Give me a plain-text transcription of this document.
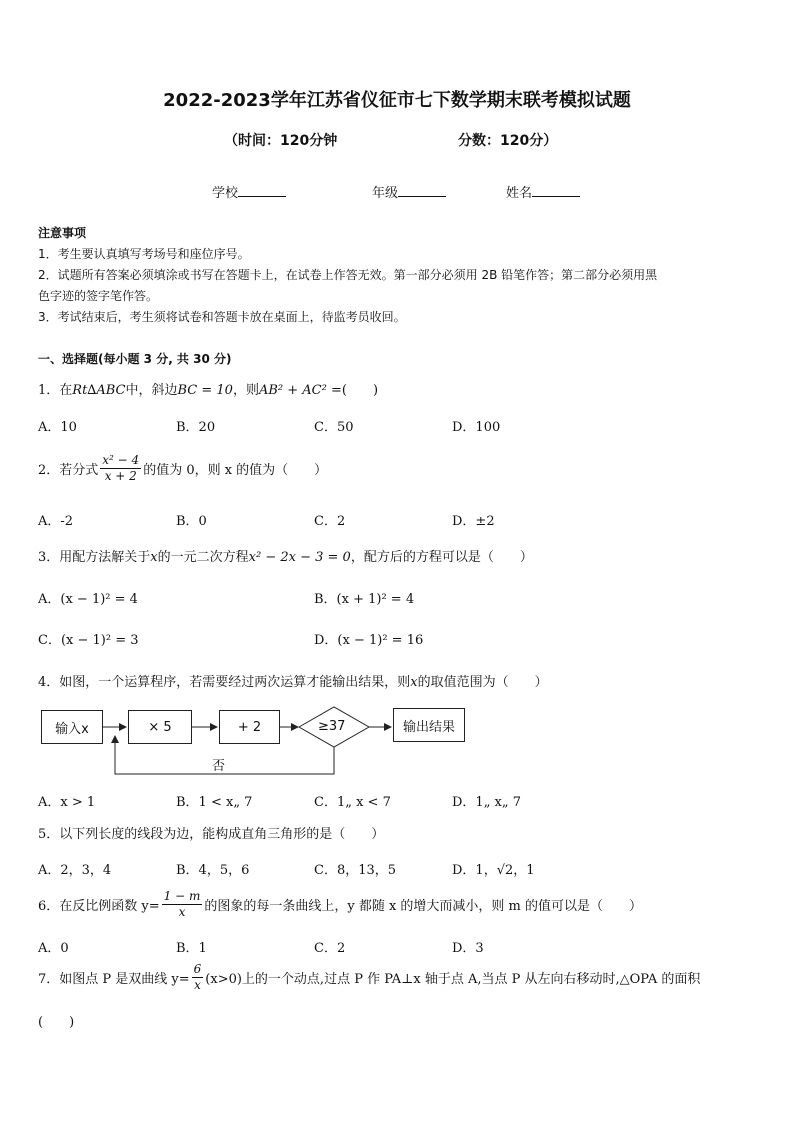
2022-2023学年江苏省仪征市七下数学期末联考模拟试题
（时间：120分钟	分数：120分）
学校	年级	姓名
注意事项
1．考生要认真填写考场号和座位序号。
2．试题所有答案必须填涂或书写在答题卡上，在试卷上作答无效。第一部分必须用 2B 铅笔作答；第二部分必须用黑
色字迹的签字笔作答。
3．考试结束后，考生须将试卷和答题卡放在桌面上，待监考员收回。
一、选择题(每小题 3 分, 共 30 分)
1．在Rt∆ABC中，斜边BC = 10，则AB² + AC² =(　　)
A．10	B．20	C．50	D．100
2．若分式 $\frac{\text{x² − 4}}{x + 2}$ 的值为 0，则 x 的值为（　　）
A．-2	B．0	C．2	D．±2
3．用配方法解关于x的一元二次方程x² − 2x − 3 = 0，配方后的方程可以是（　　）
A．(x − 1)² = 4	B．(x + 1)² = 4
C．(x − 1)² = 3	D．(x − 1)² = 16
4．如图，一个运算程序，若需要经过两次运算才能输出结果，则x的取值范围为（　　）
输入x	× 5	+ 2	≥37	输出结果
否
A．x > 1	B．1 < x„ 7	C．1„ x < 7	D．1„ x„ 7
5．以下列长度的线段为边，能构成直角三角形的是（　　）
A．2，3，4	B．4，5，6	C．8，13，5	D．1，√2，1
6．在反比例函数 $y= \frac{1 - m}{x}$ 的图象的每一条曲线上，y 都随 x 的增大而减小，则 m 的值可以是（　　）
A．0	B．1	C．2	D．3
7．如图点 P 是双曲线 $y= \frac{6}{x} (x>0)$上的一个动点,过点 P 作 PA⊥x 轴于点 A,当点 P 从左向右移动时,△OPA 的面积
(　　)
